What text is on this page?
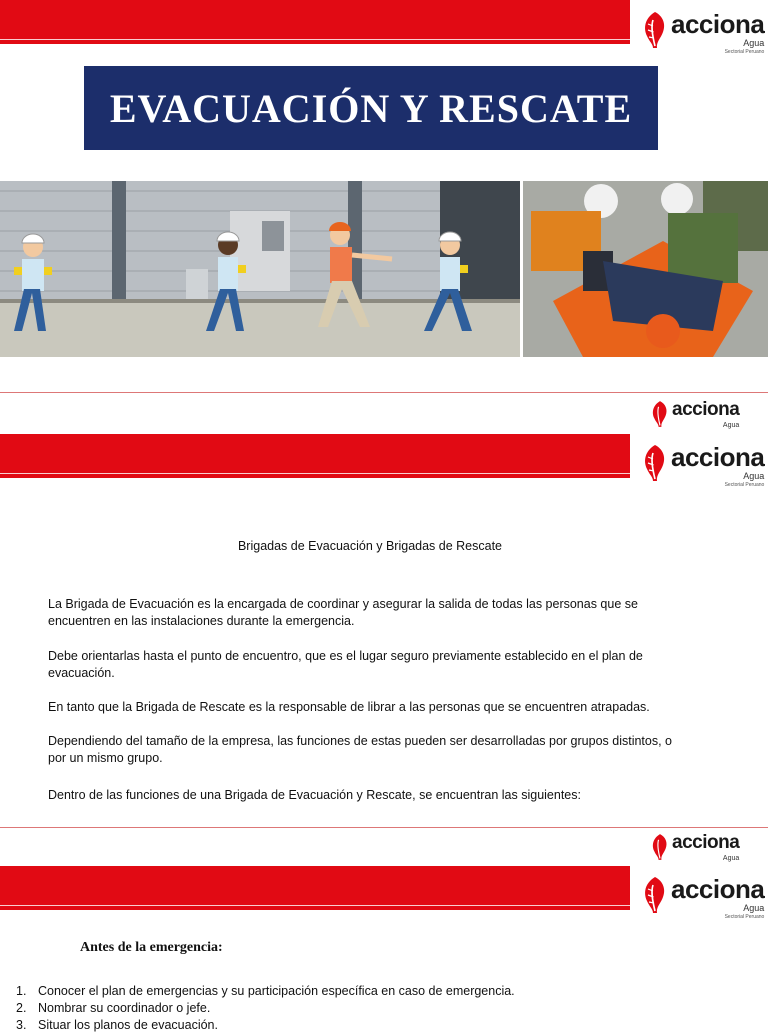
acciona
Agua
Sectorial Peruano
EVACUACIÓN Y RESCATE
acciona
Agua
acciona
Agua
Sectorial Peruano
Brigadas de Evacuación y Brigadas de Rescate

La Brigada de Evacuación es la encargada de coordinar y asegurar la salida de todas las personas que se encuentren en las instalaciones durante la emergencia.

Debe orientarlas hasta el punto de encuentro, que es el lugar seguro previamente establecido en el plan de evacuación.

En tanto que la Brigada de Rescate es la responsable de librar a las personas que se encuentren atrapadas.

Dependiendo del tamaño de la empresa, las funciones de estas pueden ser desarrolladas por grupos distintos, o por un mismo grupo.

Dentro de las funciones de una Brigada de Evacuación y Rescate, se encuentran las siguientes:

acciona
Agua
acciona
Agua
Sectorial Peruano
Antes de la emergencia:
1. Conocer el plan de emergencias y su participación específica en caso de emergencia.
2. Nombrar su coordinador o jefe.
3. Situar los planos de evacuación.
